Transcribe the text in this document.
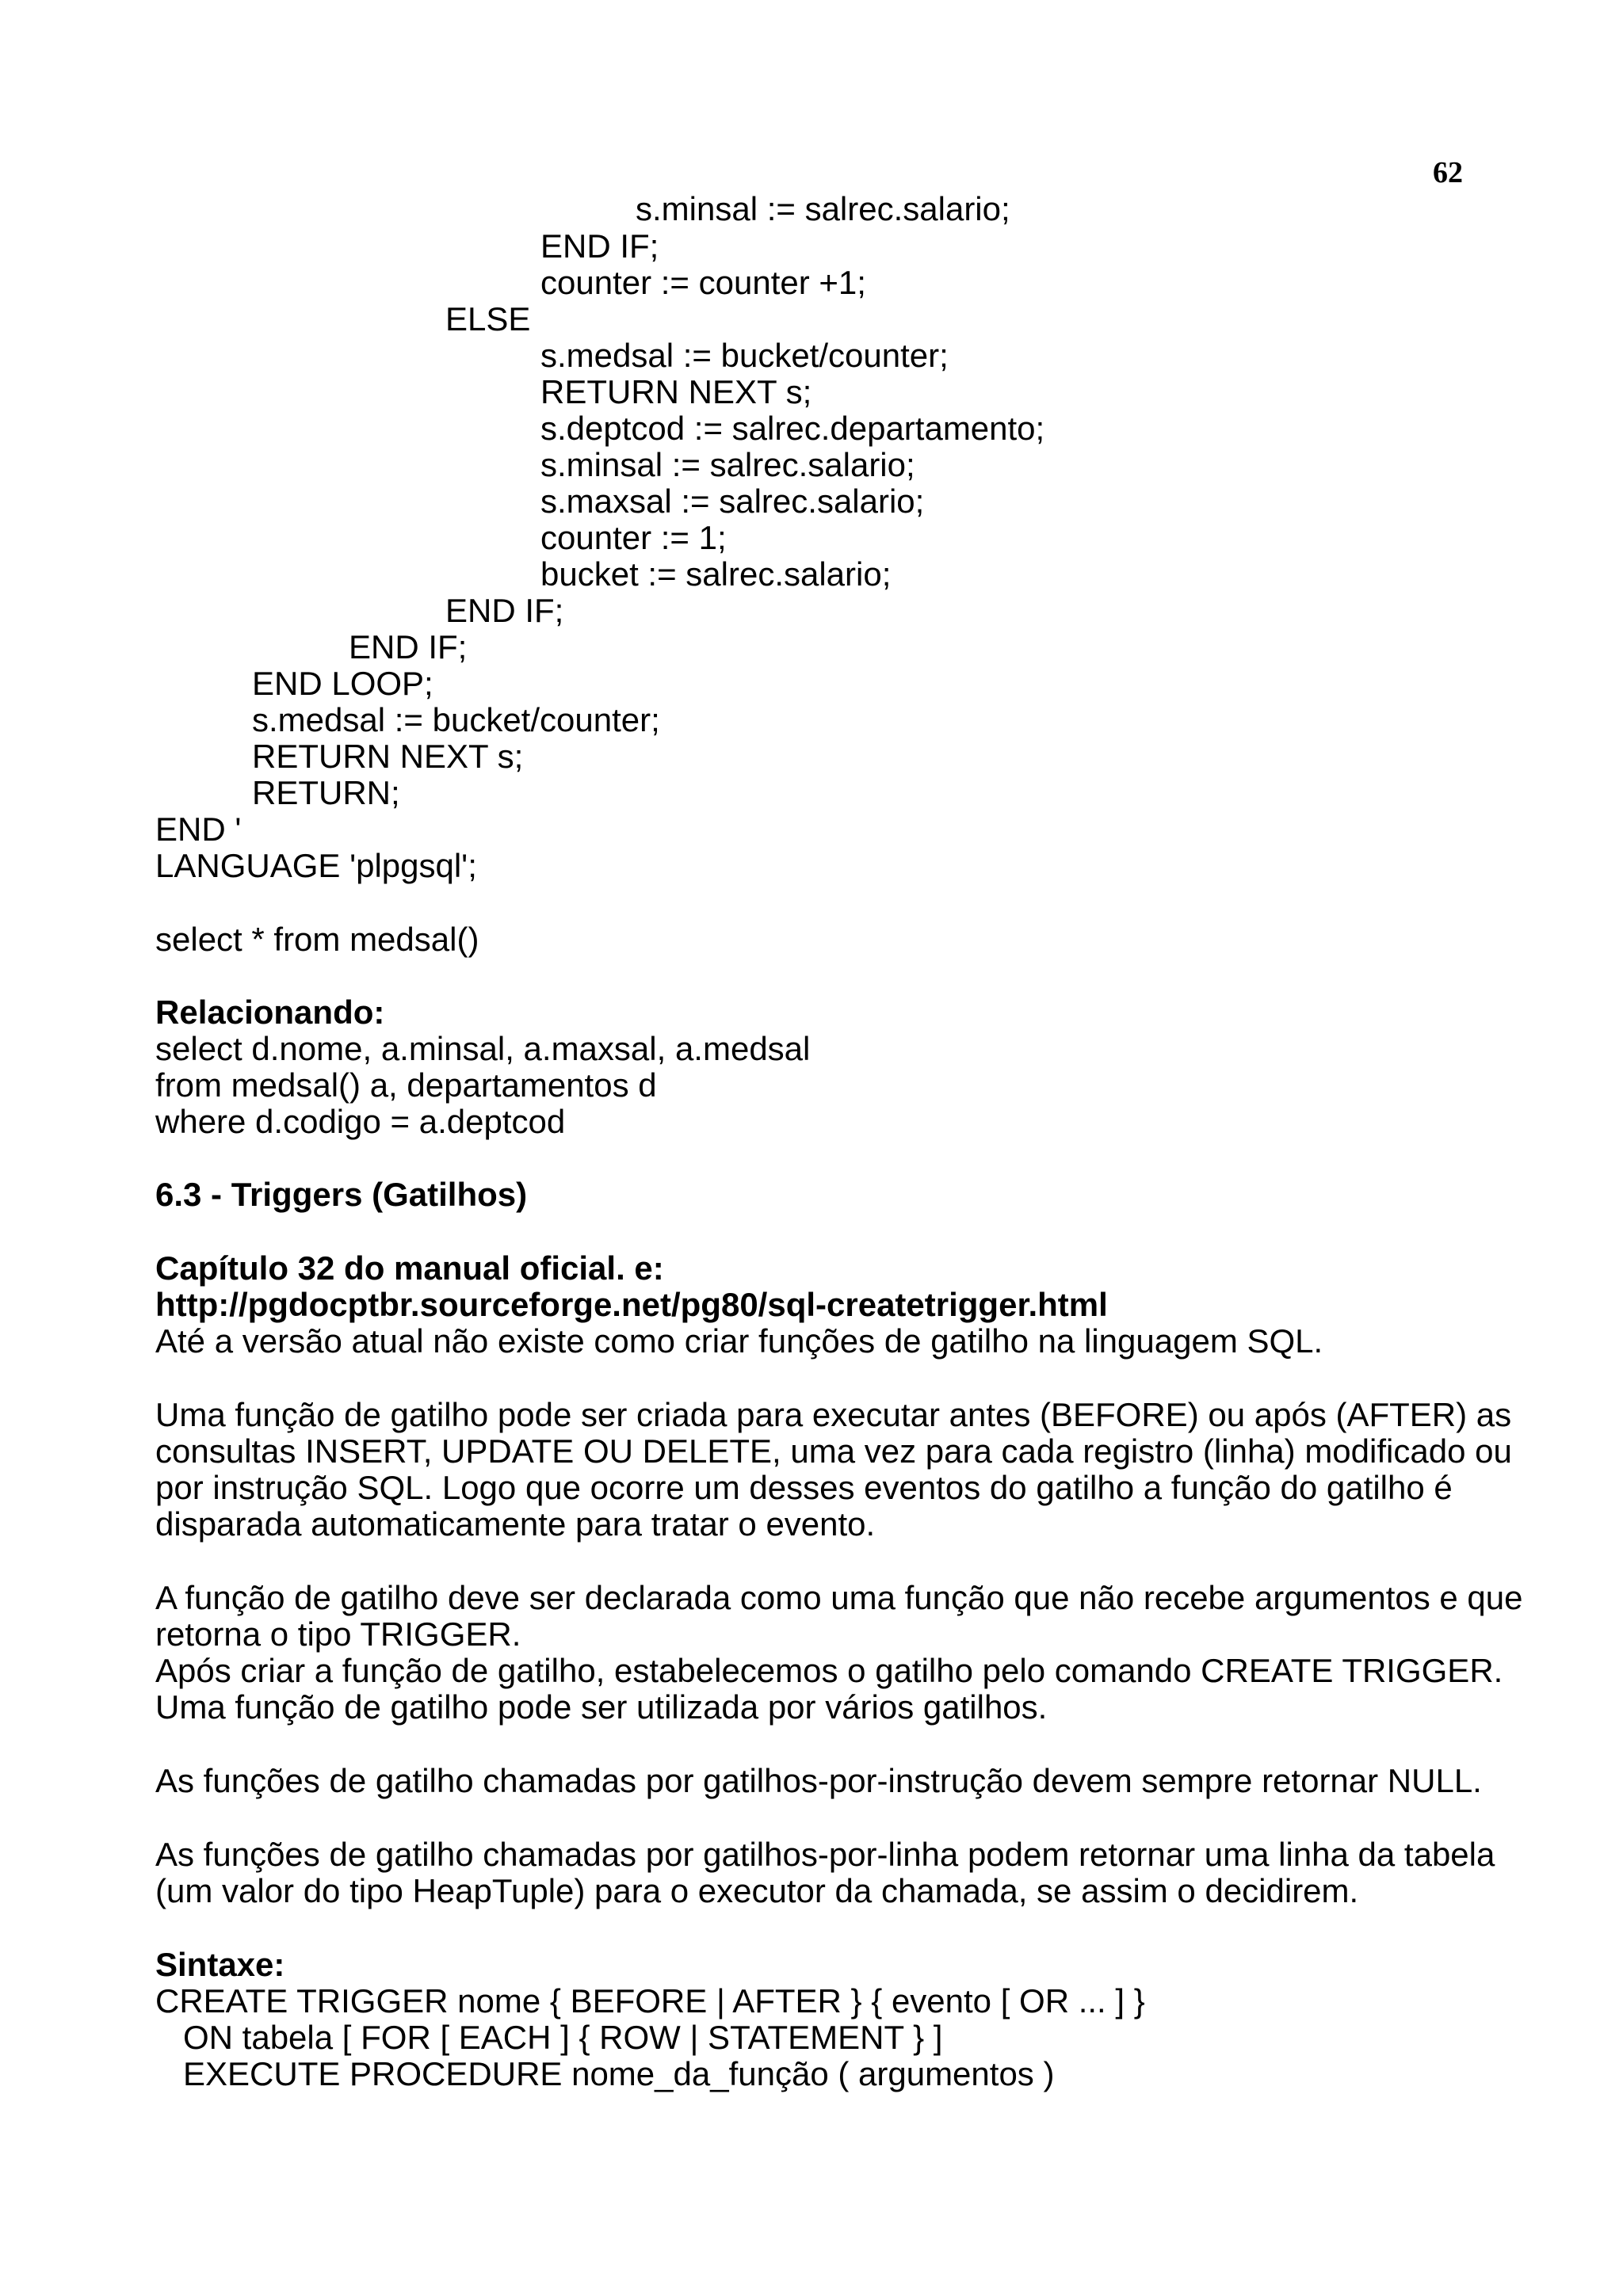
62
s.minsal := salrec.salario;
END IF;
counter := counter +1;
ELSE
s.medsal := bucket/counter;
RETURN NEXT s;
s.deptcod := salrec.departamento;
s.minsal := salrec.salario;
s.maxsal := salrec.salario;
counter := 1;
bucket := salrec.salario;
END IF;
END IF;
END LOOP;
s.medsal := bucket/counter;
RETURN NEXT s;
RETURN;
END '
LANGUAGE 'plpgsql';
select * from medsal()
Relacionando:
select d.nome, a.minsal, a.maxsal, a.medsal
from medsal() a, departamentos d
where d.codigo = a.deptcod
6.3 - Triggers (Gatilhos)
Capítulo 32 do manual oficial. e:
http://pgdocptbr.sourceforge.net/pg80/sql-createtrigger.html
Até a versão atual não existe como criar funções de gatilho na linguagem SQL.
Uma função de gatilho pode ser criada para executar antes (BEFORE) ou após (AFTER) as
consultas INSERT, UPDATE OU DELETE, uma vez para cada registro (linha) modificado ou
por instrução SQL. Logo que ocorre um desses eventos do gatilho a função do gatilho é
disparada automaticamente para tratar o evento.
A função de gatilho deve ser declarada como uma função que não recebe argumentos e que
retorna o tipo TRIGGER.
Após criar a função de gatilho, estabelecemos o gatilho pelo comando CREATE TRIGGER.
Uma função de gatilho pode ser utilizada por vários gatilhos.
As funções de gatilho chamadas por gatilhos-por-instrução devem sempre retornar NULL.
As funções de gatilho chamadas por gatilhos-por-linha podem retornar uma linha da tabela
(um valor do tipo HeapTuple) para o executor da chamada, se assim o decidirem.
Sintaxe:
CREATE TRIGGER nome { BEFORE | AFTER } { evento [ OR ... ] }
ON tabela [ FOR [ EACH ] { ROW | STATEMENT } ]
EXECUTE PROCEDURE nome_da_função ( argumentos )
